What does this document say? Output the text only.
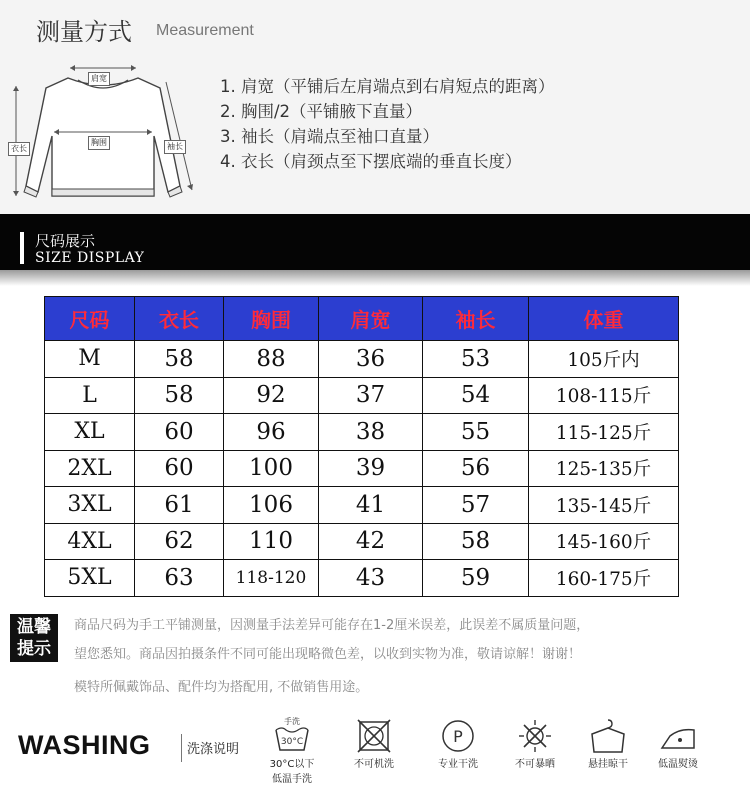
测量方式 Measurement
肩宽
胸围
衣长	袖长
1. 肩宽（平铺后左肩端点到右肩短点的距离）
2. 胸围/2（平铺腋下直量）
3. 袖长（肩端点至袖口直量）
4. 衣长（肩颈点至下摆底端的垂直长度）
尺码展示
SIZE DISPLAY
尺码	衣长	胸围	肩宽	袖长	体重
M	58	88	36	53	105斤内
L	58	92	37	54	108-115斤
XL	60	96	38	55	115-125斤
2XL	60	100	39	56	125-135斤
3XL	61	106	41	57	135-145斤
4XL	62	110	42	58	145-160斤
5XL	63	118-120	43	59	160-175斤
温馨
提示
商品尺码为手工平铺测量，因测量手法差异可能存在1-2厘米误差，此误差不属质量问题，
望您悉知。商品因拍摄条件不同可能出现略微色差，以收到实物为准，敬请谅解！谢谢！
模特所佩戴饰品、配件均为搭配用, 不做销售用途。
WASHING	洗涤说明
手洗
30°C
30°C以下
低温手洗
不可机洗
P
专业干洗	不可暴晒	悬挂晾干	低温熨烫
